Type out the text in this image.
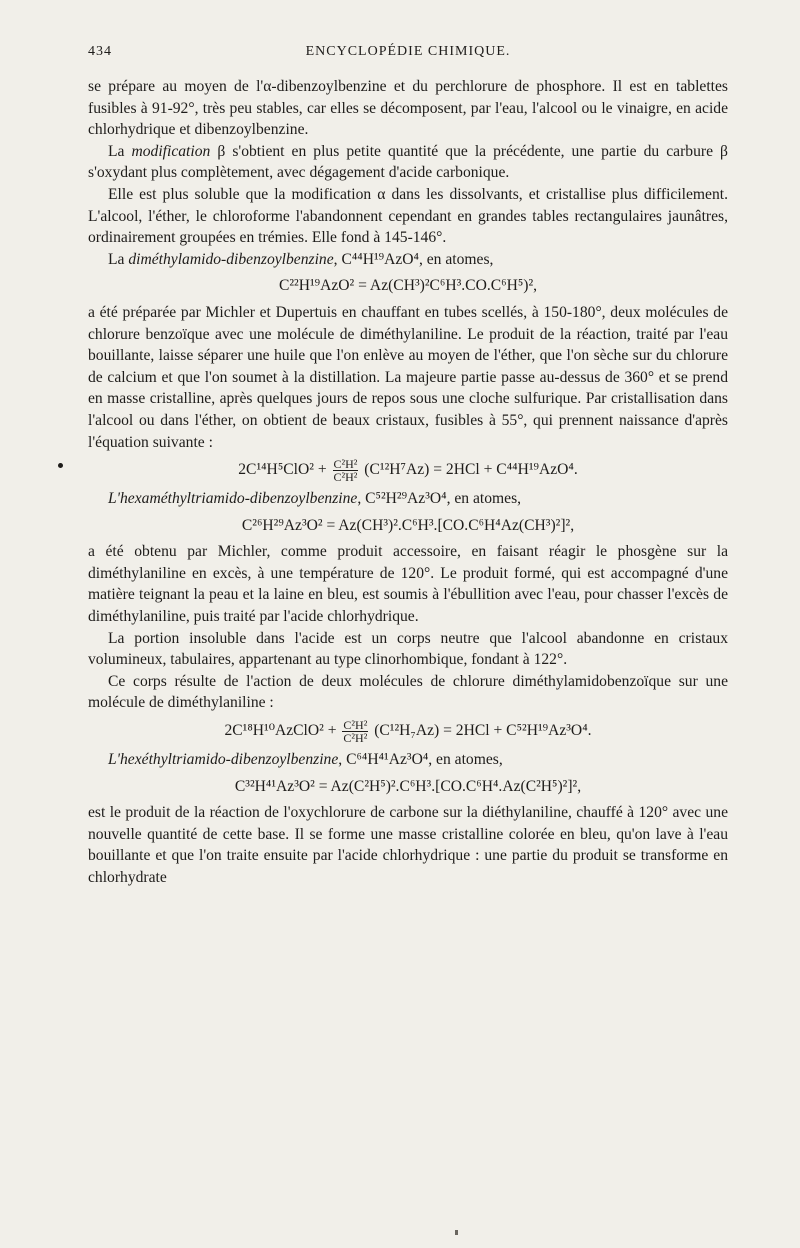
434	ENCYCLOPÉDIE CHIMIQUE.

se prépare au moyen de l'α-dibenzoylbenzine et du perchlorure de phosphore. Il est en tablettes fusibles à 91-92°, très peu stables, car elles se décomposent, par l'eau, l'alcool ou le vinaigre, en acide chlorhydrique et dibenzoylbenzine.

La modification β s'obtient en plus petite quantité que la précédente, une partie du carbure β s'oxydant plus complètement, avec dégagement d'acide carbonique.

Elle est plus soluble que la modification α dans les dissolvants, et cristallise plus difficilement. L'alcool, l'éther, le chloroforme l'abandonnent cependant en grandes tables rectangulaires jaunâtres, ordinairement groupées en trémies. Elle fond à 145-146°.

La diméthylamido-dibenzoylbenzine, C⁴⁴H¹⁹AzO⁴, en atomes,

C²²H¹⁹AzO² = Az(CH³)²C⁶H³.CO.C⁶H⁵)²,

a été préparée par Michler et Dupertuis en chauffant en tubes scellés, à 150-180°, deux molécules de chlorure benzoïque avec une molécule de diméthylaniline. Le produit de la réaction, traité par l'eau bouillante, laisse séparer une huile que l'on enlève au moyen de l'éther, que l'on sèche sur du chlorure de calcium et que l'on soumet à la distillation. La majeure partie passe au-dessus de 360° et se prend en masse cristalline, après quelques jours de repos sous une cloche sulfurique. Par cristallisation dans l'alcool ou dans l'éther, on obtient de beaux cristaux, fusibles à 55°, qui prennent naissance d'après l'équation suivante :

$2C^{14}H^5ClO^2 + \frac{\text{C²H²}}{\text{C²H²}} (C^{12}H^7Az) = 2HCl + C^{44}H^{19}AzO^4$.

L'hexaméthyltriamido-dibenzoylbenzine, C⁵²H²⁹Az³O⁴, en atomes,

C²⁶H²⁹Az³O² = Az(CH³)².C⁶H³.[CO.C⁶H⁴Az(CH³)²]²,

a été obtenu par Michler, comme produit accessoire, en faisant réagir le phosgène sur la diméthylaniline en excès, à une température de 120°. Le produit formé, qui est accompagné d'une matière teignant la peau et la laine en bleu, est soumis à l'ébullition avec l'eau, pour chasser l'excès de diméthylaniline, puis traité par l'acide chlorhydrique.

La portion insoluble dans l'acide est un corps neutre que l'alcool abandonne en cristaux volumineux, tabulaires, appartenant au type clinorhombique, fondant à 122°.

Ce corps résulte de l'action de deux molécules de chlorure diméthylamidobenzoïque sur une molécule de diméthylaniline :

2C¹⁸H¹⁰AzClO² + $\frac{\text{C²H²}}{\text{C²H²}} (C^{12}H_7Az) = 2HCl + C^{52}H^{19}Az^3O^4$.

L'hexéthyltriamido-dibenzoylbenzine, C⁶⁴H⁴¹Az³O⁴, en atomes,

C³²H⁴¹Az³O² = Az(C²H⁵)².C⁶H³.[CO.C⁶H⁴.Az(C²H⁵)²]²,

est le produit de la réaction de l'oxychlorure de carbone sur la diéthylaniline, chauffé à 120° avec une nouvelle quantité de cette base. Il se forme une masse cristalline colorée en bleu, qu'on lave à l'eau bouillante et que l'on traite ensuite par l'acide chlorhydrique : une partie du produit se transforme en chlorhydrate
